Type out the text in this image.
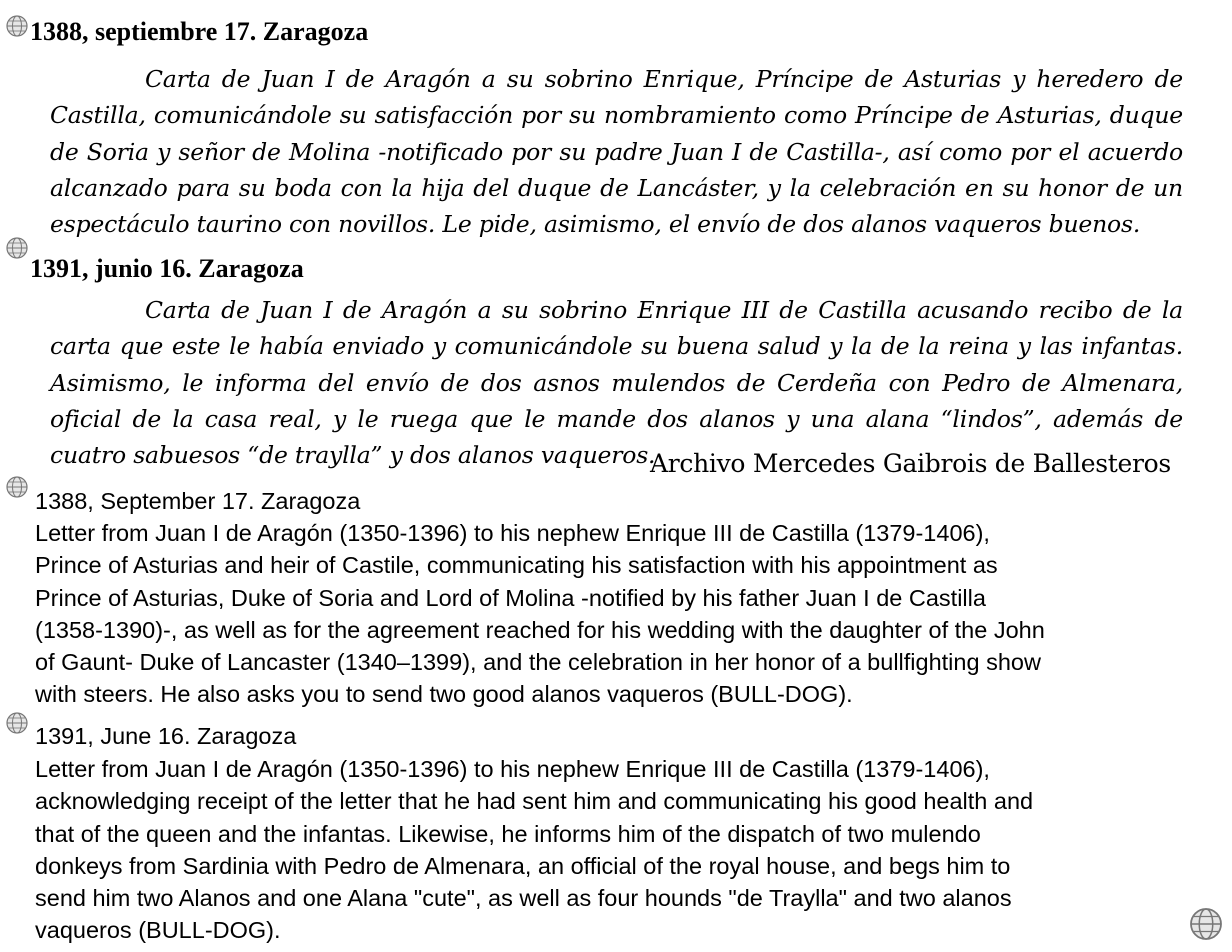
1388, septiembre 17. Zaragoza
Carta de Juan I de Aragón a su sobrino Enrique, Príncipe de Asturias y heredero de Castilla, comunicándole su satisfacción por su nombramiento como Príncipe de Asturias, duque de Soria y señor de Molina -notificado por su padre Juan I de Castilla-, así como por el acuerdo alcanzado para su boda con la hija del duque de Lancáster, y la celebración en su honor de un espectáculo taurino con novillos. Le pide, asimismo, el envío de dos alanos vaqueros buenos.
1391, junio 16. Zaragoza
Carta de Juan I de Aragón a su sobrino Enrique III de Castilla acusando recibo de la carta que este le había enviado y comunicándole su buena salud y la de la reina y las infantas. Asimismo, le informa del envío de dos asnos mulendos de Cerdeña con Pedro de Almenara, oficial de la casa real, y le ruega que le mande dos alanos y una alana “lindos”, además de cuatro sabuesos “de traylla” y dos alanos vaqueros.
Archivo Mercedes Gaibrois de Ballesteros
1388, September 17. Zaragoza
Letter from Juan I de Aragón (1350-1396) to his nephew Enrique III de Castilla (1379-1406),
Prince of Asturias and heir of Castile, communicating his satisfaction with his appointment as
Prince of Asturias, Duke of Soria and Lord of Molina -notified by his father Juan I de Castilla
(1358-1390)-, as well as for the agreement reached for his wedding with the daughter of the John
of Gaunt- Duke of Lancaster (1340–1399), and the celebration in her honor of a bullfighting show
with steers. He also asks you to send two good alanos vaqueros (BULL-DOG).
1391, June 16. Zaragoza
Letter from Juan I de Aragón (1350-1396) to his nephew Enrique III de Castilla (1379-1406),
acknowledging receipt of the letter that he had sent him and communicating his good health and
that of the queen and the infantas. Likewise, he informs him of the dispatch of two mulendo
donkeys from Sardinia with Pedro de Almenara, an official of the royal house, and begs him to
send him two Alanos and one Alana "cute", as well as four hounds "de Traylla" and two alanos
vaqueros (BULL-DOG).
